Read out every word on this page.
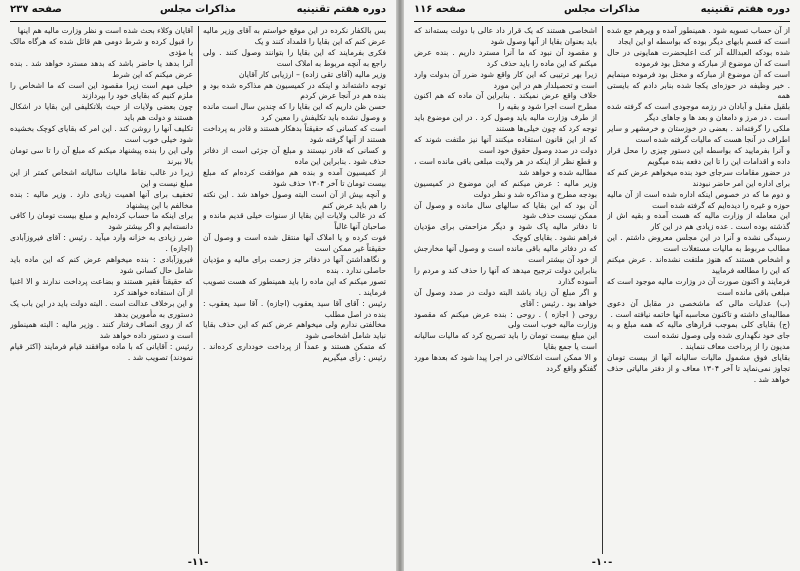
دوره هفتم تقنینیه
مذاکرات مجلس
صفحه ۲۳۷

بس بالکفار نکرده در این موقع خواستم به آقای وزیر مالیه عرض کنم که این بقایا را قلمداد کنند و یک

فکری بفرمایند که این بقایا را بتوانند وصول کنند . ولی راجع به آنچه مربوط به املاک است

وزیر مالیه (آقای تقی زاده) – ارزیابی کار آقایان

توجه داشته‌اند و اینکه در کمیسیون هم مذاکره شده بود و بنده هم در آنجا عرض کردم

حسن ظن داریم که این بقایا را که چندین سال است مانده و وصول نشده باید تکلیفش را معین کرد

است که کسانی که حقیقتاً بدهکار هستند و قادر به پرداخت هستند از آنها گرفته شود

و کسانی که قادر نیستند و مبلغ آن جزئی است از دفاتر حذف شود . بنابراین این ماده

از کمیسیون آمده و بنده هم موافقت کرده‌ام که مبلغ بیست تومان تا آخر ۱۳۰۴ حذف شود

و آنچه بیش از آن است البته وصول خواهد شد . این نکته را هم باید عرض کنم

که در غالب ولایات این بقایا از سنوات خیلی قدیم مانده و صاحبان آنها غالباً

فوت کرده و یا املاک آنها منتقل شده است و وصول آن حقیقتاً غیر ممکن است

و نگاهداشتن آنها در دفاتر جز زحمت برای مالیه و مؤدیان حاصلی ندارد . بنده

تصور میکنم که این ماده را باید همینطور که هست تصویب فرمایند .

رئیس : آقای آقا سید یعقوب (اجازه) . آقا سید یعقوب : بنده در اصل مطلب

مخالفتی ندارم ولی میخواهم عرض کنم که این حذف بقایا نباید شامل اشخاصی شود

که متمکن هستند و عمداً از پرداخت خودداری کرده‌اند . رئیس : رأی میگیریم

آقایان وکلاء بحث شده است و نظر وزارت مالیه هم اینها

را قبول کرده و شرط دومی هم قائل شده که هرگاه مالک یا مؤدی

آنرا بدهد یا حاضر باشد که بدهد مسترد خواهد شد . بنده عرض میکنم که این شرط

خیلی مهم است زیرا مقصود این است که ما اشخاص را ملزم کنیم که بقایای خود را بپردازند

چون بعضی ولایات از حیث بلاتکلیفی این بقایا در اشکال هستند و دولت هم باید

تکلیف آنها را روشن کند . این امر که بقایای کوچک بخشیده شود خیلی خوب است

ولی این را بنده پیشنهاد میکنم که مبلغ آن را تا سی تومان بالا ببرند

زیرا در غالب نقاط مالیات سالیانه اشخاص کمتر از این مبلغ نیست و این

تخفیف برای آنها اهمیت زیادی دارد . وزیر مالیه : بنده مخالفم با این پیشنهاد

برای اینکه ما حساب کرده‌ایم و مبلغ بیست تومان را کافی دانسته‌ایم و اگر بیشتر شود

ضرر زیادی به خزانه وارد میآید . رئیس : آقای فیروزآبادی (اجازه) .

فیروزآبادی : بنده میخواهم عرض کنم که این ماده باید شامل حال کسانی شود

که حقیقتاً فقیر هستند و بضاعت پرداخت ندارند و الا اغنیا از آن استفاده خواهند کرد

و این برخلاف عدالت است . البته دولت باید در این باب یک دستوری به مأمورین بدهد

که از روی انصاف رفتار کنند . وزیر مالیه : البته همینطور است و دستور داده خواهد شد

رئیس : آقایانی که با ماده موافقند قیام فرمایند (اکثر قیام نمودند) تصویب شد .

-۱۱-
دوره هفتم تقنینیه
مذاکرات مجلس
صفحه ۱۱۶

از آن حساب تسویه شود . همینطور آمده و ویرهم جع شده است که قسم بابهای دیگر بوده که بواسطه او این ایجاد

شده بودکه العبدالله آنر کت اعلیحضرت همایونی در حال است که آن موضوع از مبارکه و مختل بود فرموده

است که آن موضوع از مبارکه و مختل بود فرموده مینمایم . خیر وظیفه در حوزه‌ای یکجا شده بنابر دادم که بایستی همه

بلقیل مقبل و آبادان در رزمه موجودی است که گرفته شده است . در مرز و دامغان و بعد ها و جاهای دیگر

ملکی را گرفته‌اند . بعضی در خوزستان و خرمشهر و سایر اطراف در آنجا هست که مالیات گرفته شده است

و آنرا بفرمایید که بواسطه این دستور چیزی را محل قرار داده و اقدامات این را تا این دفعه بنده میگویم

در حضور مقامات سرجای خود بنده میخواهم عرض کنم که برای اداره این امر حاضر نبودند

و دوم ما که در خصوص اینکه اداره شده است از آن مالیه حوزه و غیره را دیده‌ایم که گرفته شده است

این معامله از وزارت مالیه که هست آمده و بقیه اش از گذشته بوده است . عده زیادی هم در این کار

رسیدگی نشده و آنرا در این مجلس معروض داشتم . این مطالب مربوط به مالیات مستغلات است

و اشخاص هستند که هنوز ملتفت نشده‌اند . عرض میکنم که این را مطالعه فرمایید

فرمایند و اکنون صورت آن در وزارت مالیه موجود است که مبلغی باقی مانده است

(ب) عدلیات مالی که ماشخصی در مقابل آن دعوی مطالبه‌ای داشته و تاکنون محاسبه آنها خاتمه نیافته است .

(ج) بقایای کلی بموجب قرارهای مالیه که همه مبلغ و به جای خود نگهداری شده ولی وصول نشده است

مدیون را از پرداخت معاف ننمایند .

بقایای فوق مشمول مالیات سالیانه آنها از بیست تومان تجاوز نمی‌نماید تا آخر ۱۳۰۴ معاف و از دفتر مالیاتی حذف خواهد شد .

اشخاصی هستند که یک قرار داد عالی با دولت بسته‌اند که باید بعنوان بقایا از آنها وصول شود

و مقصود آن نبود که ما آنرا مسترد داریم . بنده عرض میکنم که این ماده را باید حذف کرد

زیرا بهر ترتیبی که این کار واقع شود ضرر آن بدولت وارد است و تحصیلدار هم در این مورد

خلاف واقع عرض نمیکند . بنابراین آن ماده که هم اکنون مطرح است اجرا شود و بقیه را

از طرف وزارت مالیه باید وصول کرد . در این موضوع باید توجه کرد که چون خیلی‌ها هستند

که از این قانون استفاده میکنند آنها نیز ملتفت شوند که دولت در صدد وصول حقوق خود است

و قطع نظر از اینکه در هر ولایت مبلغی باقی مانده است ، مطالبه شده و خواهد شد

وزیر مالیه : عرض میکنم که این موضوع در کمیسیون بودجه مطرح و مذاکره شد و نظر دولت

آن بود که این بقایا که سالهای سال مانده و وصول آن ممکن نیست حذف شود

تا دفاتر مالیه پاک شود و دیگر مزاحمتی برای مؤدیان فراهم نشود . بقایای کوچک

که در دفاتر مالیه باقی مانده است و وصول آنها مخارجش از خود آن بیشتر است

بنابراین دولت ترجیح میدهد که آنها را حذف کند و مردم را آسوده گذارد

و اگر مبلغ آن زیاد باشد البته دولت در صدد وصول آن خواهد بود . رئیس : آقای

روحی ( اجازه ) . روحی : بنده عرض میکنم که مقصود وزارت مالیه خوب است ولی

این مبلغ بیست تومان را باید تصریح کرد که مالیات سالیانه است یا جمع بقایا

و الا ممکن است اشکالاتی در اجرا پیدا شود که بعدها مورد گفتگو واقع گردد

-۱۰-
